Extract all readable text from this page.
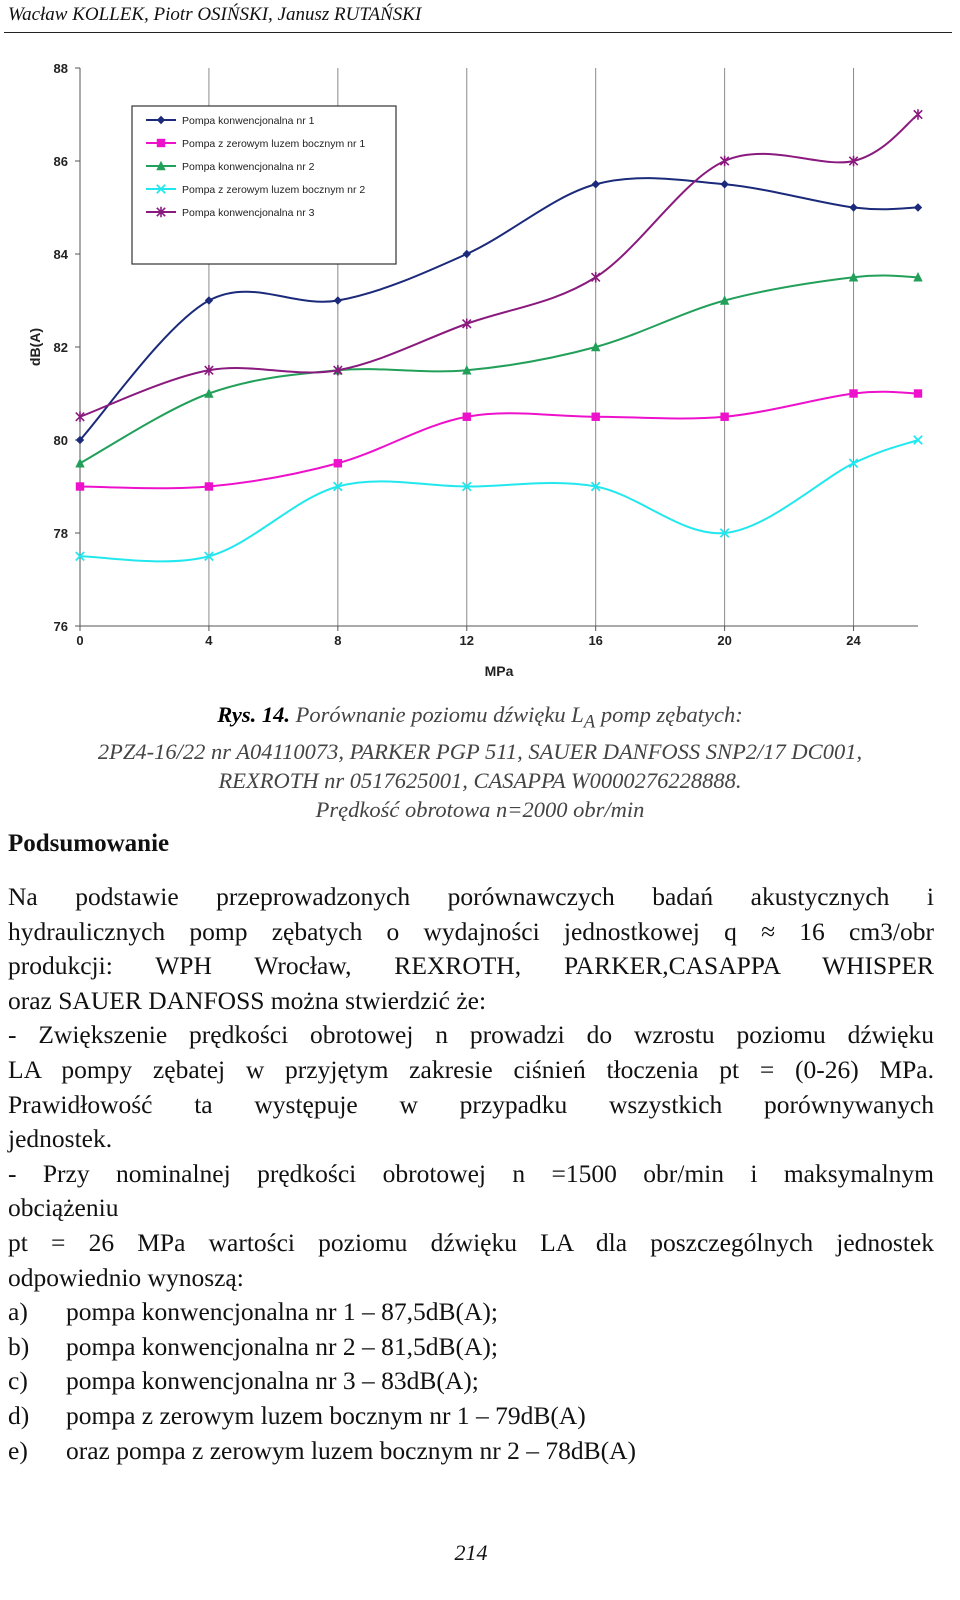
Wacław KOLLEK, Piotr OSIŃSKI, Janusz RUTAŃSKI
0	4	8	12	16	20	24
76
78
80
82
84
86
88
MPa
dB(A)
Pompa konwencjonalna nr 1
Pompa z zerowym luzem bocznym nr 1
Pompa konwencjonalna nr 2
Pompa z zerowym luzem bocznym nr 2
Pompa konwencjonalna nr 3
Rys. 14. Porównanie poziomu dźwięku $L_A$ pomp zębatych:
2PZ4-16/22 nr A04110073, PARKER PGP 511, SAUER DANFOSS SNP2/17 DC001,
REXROTH nr 0517625001, CASAPPA W0000276228888.
Prędkość obrotowa n=2000 obr/min
Podsumowanie
Na podstawie przeprowadzonych porównawczych badań akustycznych i
hydraulicznych pomp zębatych o wydajności jednostkowej q ≈ 16 cm3/obr
produkcji: WPH Wrocław, REXROTH, PARKER,CASAPPA WHISPER
oraz SAUER DANFOSS można stwierdzić że:
- Zwiększenie prędkości obrotowej n prowadzi do wzrostu poziomu dźwięku
LA pompy zębatej w przyjętym zakresie ciśnień tłoczenia pt = (0-26) MPa.
Prawidłowość ta występuje w przypadku wszystkich porównywanych
jednostek.
- Przy nominalnej prędkości obrotowej n =1500 obr/min i maksymalnym
obciążeniu
pt = 26 MPa wartości poziomu dźwięku LA dla poszczególnych jednostek
odpowiednio wynoszą:
a) pompa konwencjonalna nr 1 – 87,5dB(A);
b) pompa konwencjonalna nr 2 – 81,5dB(A);
c) pompa konwencjonalna nr 3 – 83dB(A);
d) pompa z zerowym luzem bocznym nr 1 – 79dB(A)
e) oraz pompa z zerowym luzem bocznym nr 2 – 78dB(A)
214
